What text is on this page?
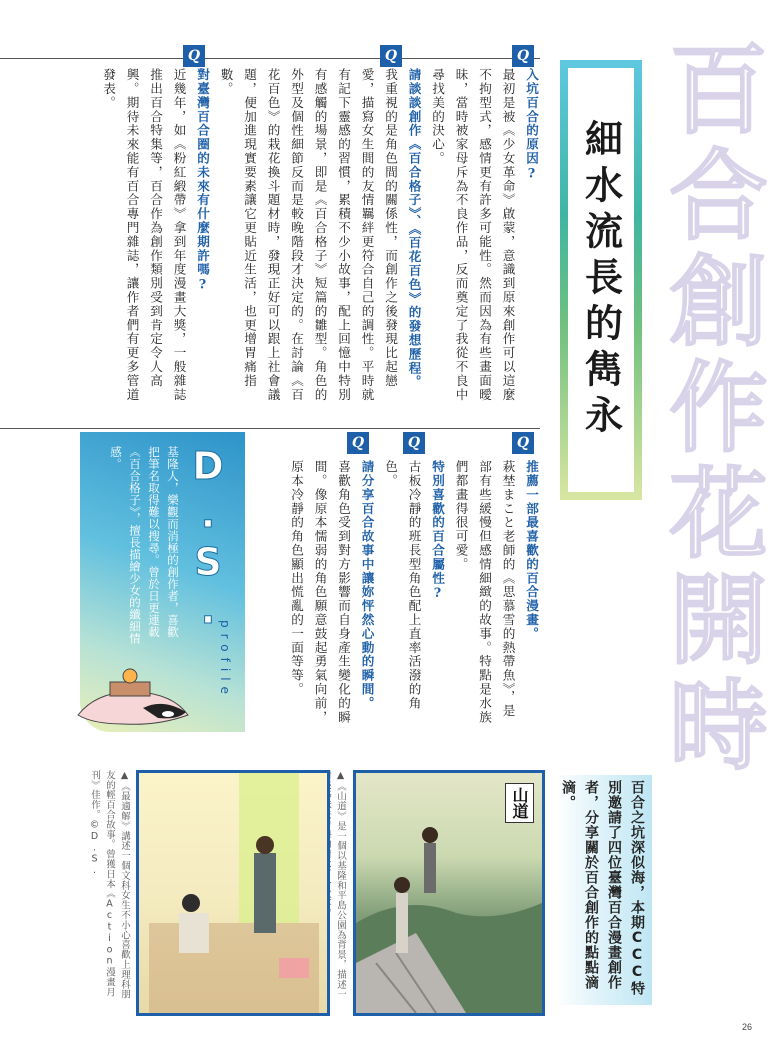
百合創作花開時
Q
Q
Q
Q
Q
Q
細水流長的雋永

入坑百合的原因?

最初是被《少女革命》啟蒙，意識到原來創作可以這麼不拘型式，感情更有許多可能性。然而因為有些畫面曖昧，當時被家母斥為不良作品，反而奠定了我從不良中尋找美的決心。

請談談創作《百合格子》、《百花百色》的發想歷程。

我重視的是角色間的關係性，而創作之後發現比起戀愛，描寫女生間的友情羈絆更符合自己的調性。平時就有記下靈感的習慣，累積不少小故事，配上回憶中特別有感觸的場景，即是《百合格子》短篇的雛型。角色的外型及個性細節反而是較晚階段才決定的。在討論《百花百色》的栽花換斗題材時，發現正好可以跟上社會議題，便加進現實要素讓它更貼近生活，也更增胃痛指數。

對臺灣百合圈的未來有什麼期許嗎?

近幾年，如《粉紅緞帶》拿到年度漫畫大獎，一般雜誌推出百合特集等，百合作為創作類別受到肯定令人高興。期待未來能有百合專門雜誌，讓作者們有更多管道發表。

推薦一部最喜歡的百合漫畫。

萩埜まこと老師的《思慕雪的熱帶魚》，是部有些緩慢但感情細緻的故事。特點是水族們都畫得很可愛。

特別喜歡的百合屬性?

古板冷靜的班長型角色配上直率活潑的角色。

請分享百合故事中讓妳怦然心動的瞬間。

喜歡角色受到對方影響而自身產生變化的瞬間。像原本懦弱的角色願意鼓起勇氣向前，原本冷靜的角色顯出慌亂的一面等等。

D.S.
profile
基隆人，樂觀而消極的創作者，喜歡把筆名取得難以搜尋。曾於日更連載《百合格子》，擅長描繪少女的纖細情感。
百合之坑深似海，本期CCC特別邀請了四位臺灣百合漫畫創作者，分享關於百合創作的點點滴滴。
山道
▲《山道》是一個以基隆和平島公園為背景，描述一
▲《最適解》講述一個文科女生不小心喜歡上理科朋友的輕百合故事。曾獲日本《Action漫畫月刊》佳作。©D.S.
26
